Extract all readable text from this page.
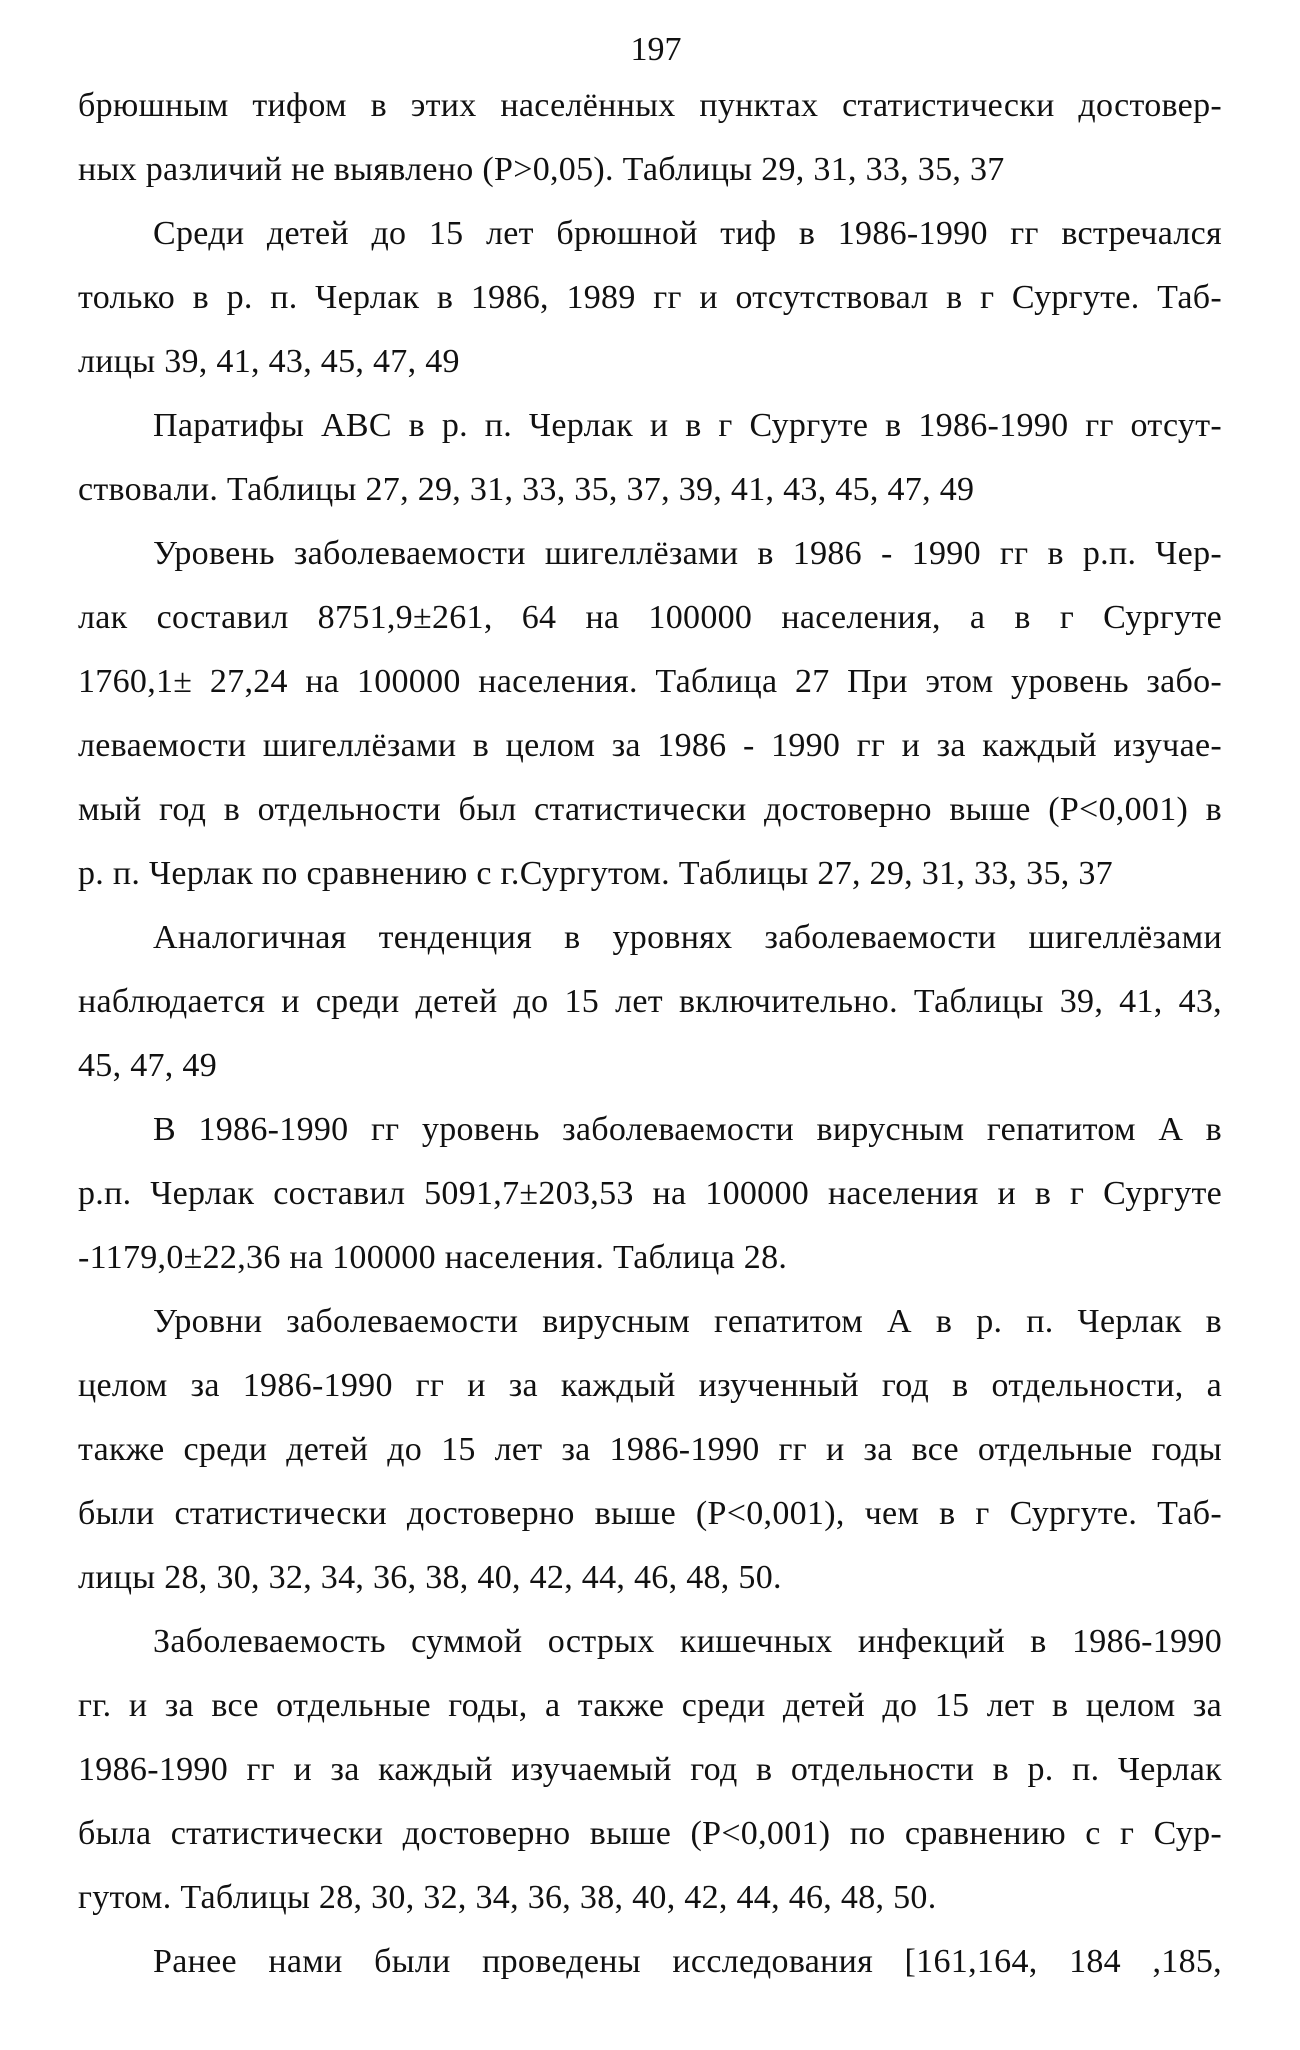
197
брюшным тифом в этих населённых пунктах статистически достовер-
ных различий не выявлено (Р>0,05). Таблицы 29, 31, 33, 35, 37
Среди детей до 15 лет брюшной тиф в 1986-1990 гг встречался
только в р. п. Черлак в 1986, 1989 гг и отсутствовал в г Сургуте. Таб-
лицы 39, 41, 43, 45, 47, 49
Паратифы АВС в р. п. Черлак и в г Сургуте в 1986-1990 гг отсут-
ствовали. Таблицы 27, 29, 31, 33, 35, 37, 39, 41, 43, 45, 47, 49
Уровень заболеваемости шигеллёзами в 1986 - 1990 гг в р.п. Чер-
лак составил 8751,9±261, 64 на 100000 населения, а в г Сургуте
1760,1± 27,24 на 100000 населения. Таблица 27 При этом уровень забо-
леваемости шигеллёзами в целом за 1986 - 1990 гг и за каждый изучае-
мый год в отдельности был статистически достоверно выше (Р<0,001) в
р. п. Черлак по сравнению с г.Сургутом. Таблицы 27, 29, 31, 33, 35, 37
Аналогичная тенденция в уровнях заболеваемости шигеллёзами
наблюдается и среди детей до 15 лет включительно. Таблицы 39, 41, 43,
45, 47, 49
В 1986-1990 гг уровень заболеваемости вирусным гепатитом А в
р.п. Черлак составил 5091,7±203,53 на 100000 населения и в г Сургуте
-1179,0±22,36 на 100000 населения. Таблица 28.
Уровни заболеваемости вирусным гепатитом А в р. п. Черлак в
целом за 1986-1990 гг и за каждый изученный год в отдельности, а
также среди детей до 15 лет за 1986-1990 гг и за все отдельные годы
были статистически достоверно выше (Р<0,001), чем в г Сургуте. Таб-
лицы 28, 30, 32, 34, 36, 38, 40, 42, 44, 46, 48, 50.
Заболеваемость суммой острых кишечных инфекций в 1986-1990
гг. и за все отдельные годы, а также среди детей до 15 лет в целом за
1986-1990 гг и за каждый изучаемый год в отдельности в р. п. Черлак
была статистически достоверно выше (Р<0,001) по сравнению с г Сур-
гутом. Таблицы 28, 30, 32, 34, 36, 38, 40, 42, 44, 46, 48, 50.
Ранее нами были проведены исследования [161,164, 184 ,185,
